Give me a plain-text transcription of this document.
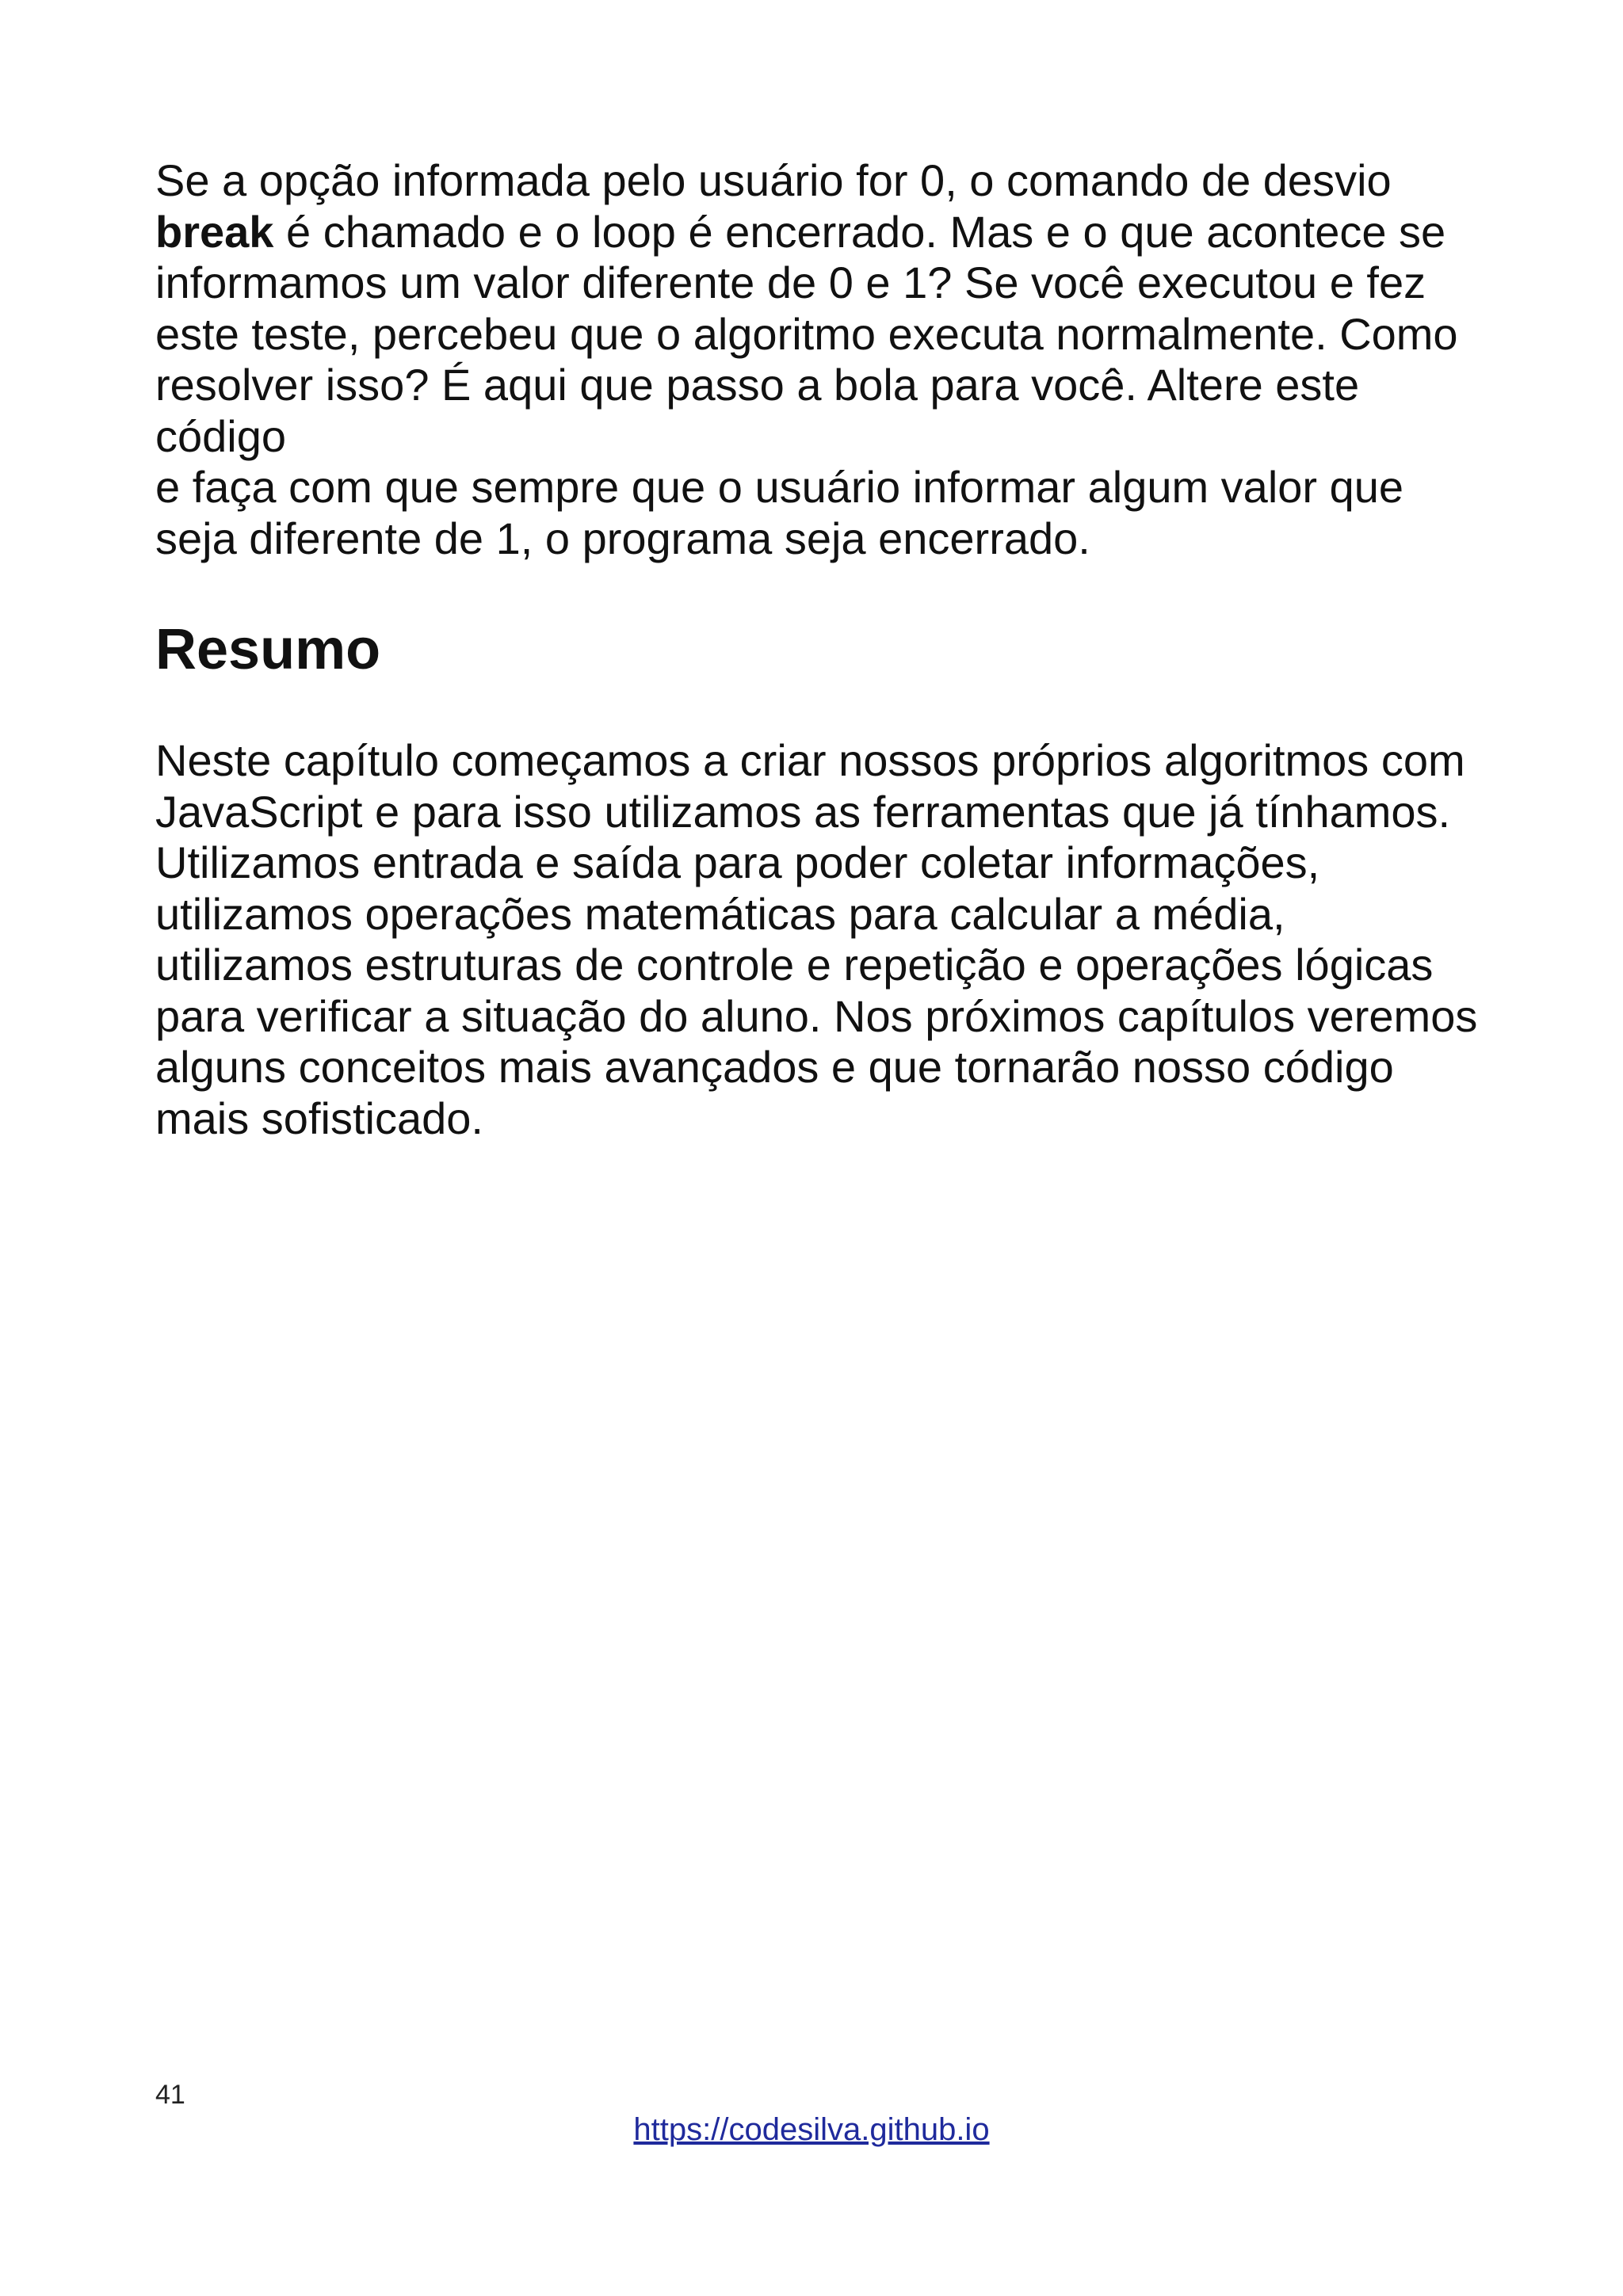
Se a opção informada pelo usuário for 0, o comando de desvio
break é chamado e o loop é encerrado. Mas e o que acontece se
informamos um valor diferente de 0 e 1? Se você executou e fez
este teste, percebeu que o algoritmo executa normalmente. Como
resolver isso? É aqui que passo a bola para você. Altere este código
e faça com que sempre que o usuário informar algum valor que
seja diferente de 1, o programa seja encerrado.

Resumo

Neste capítulo começamos a criar nossos próprios algoritmos com
JavaScript e para isso utilizamos as ferramentas que já tínhamos.
Utilizamos entrada e saída para poder coletar informações,
utilizamos operações matemáticas para calcular a média,
utilizamos estruturas de controle e repetição e operações lógicas
para verificar a situação do aluno. Nos próximos capítulos veremos
alguns conceitos mais avançados e que tornarão nosso código
mais sofisticado.

41
https://codesilva.github.io
